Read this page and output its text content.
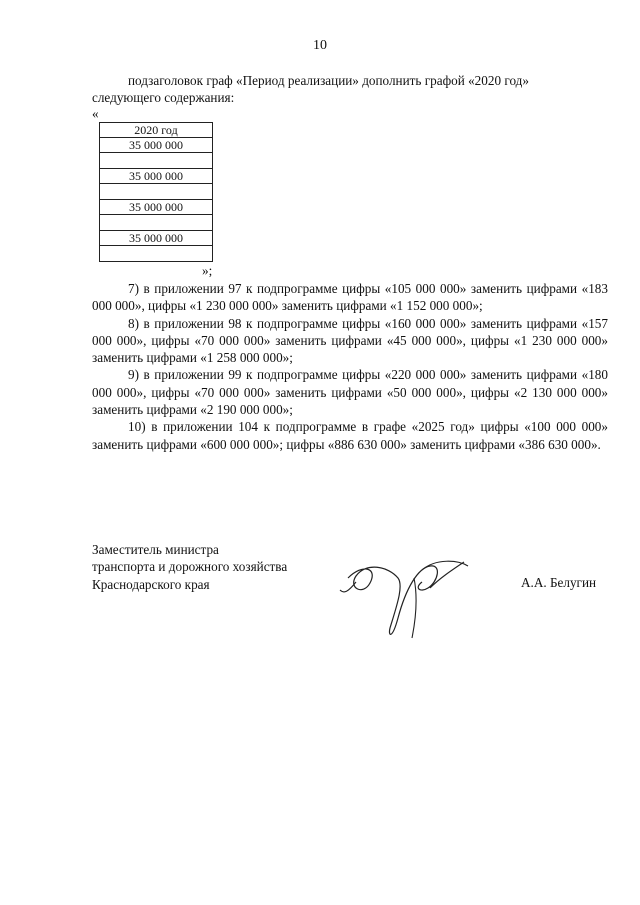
10

подзаголовок граф «Период реализации» дополнить графой «2020 год»

следующего содержания:

«
2020 год
35 000 000

35 000 000

35 000 000

35 000 000

»;

7) в приложении 97 к подпрограмме цифры «105 000 000» заменить цифрами «183 000 000», цифры «1 230 000 000» заменить цифрами «1 152 000 000»;

8) в приложении 98 к подпрограмме цифры «160 000 000» заменить цифрами «157 000 000», цифры «70 000 000» заменить цифрами «45 000 000», цифры «1 230 000 000» заменить цифрами «1 258 000 000»;

9) в приложении 99 к подпрограмме цифры «220 000 000» заменить цифрами «180 000 000», цифры «70 000 000» заменить цифрами «50 000 000», цифры «2 130 000 000» заменить цифрами «2 190 000 000»;

10) в приложении 104 к подпрограмме в графе «2025 год» цифры «100 000 000» заменить цифрами «600 000 000»; цифры «886 630 000» заменить цифрами «386 630 000».

Заместитель министра
транспорта и дорожного хозяйства
Краснодарского края	А.А. Белугин
